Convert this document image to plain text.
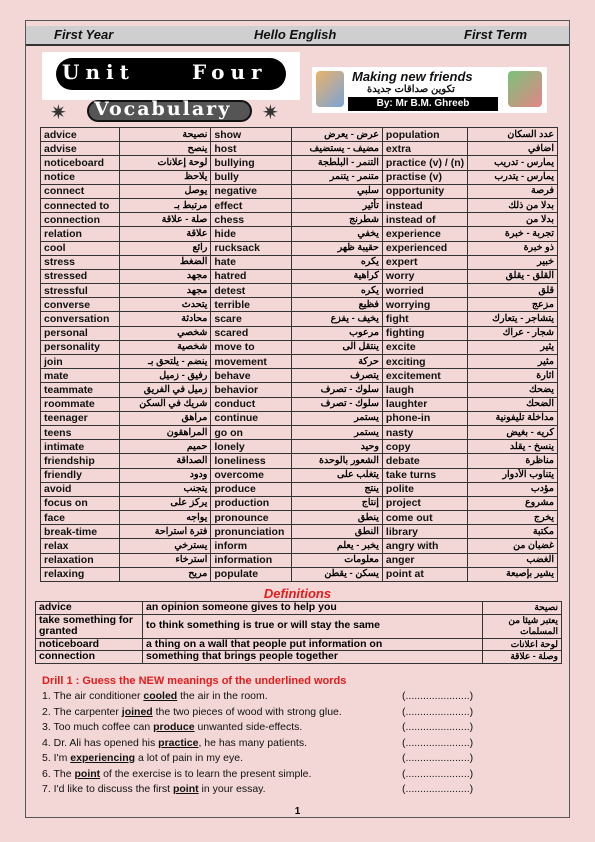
First Year	Hello English	First Term
Unit	Four
✷ Vocabulary ✷
Making new friends
تكوين صداقات جديدة
By: Mr B.M. Ghreeb
advice	نصيحة	show	عرض - يعرض	population	عدد السكان
advise	ينصح	host	مضيف - يستضيف	extra	اضافي
noticeboard	لوحة إعلانات	bullying	التنمر - البلطجة	practice (v) / (n)	يمارس - تدريب
notice	يلاحظ	bully	متنمر - يتنمر	practise (v)	يمارس - يتدرب
connect	يوصل	negative	سلبي	opportunity	فرصة
connected to	مرتبط بـ	effect	تأثير	instead	بدلا من ذلك
connection	صلة - علاقة	chess	شطرنج	instead of	بدلا من
relation	علاقة	hide	يخفي	experience	تجربة - خبرة
cool	رائع	rucksack	حقيبة ظهر	experienced	ذو خبرة
stress	الضغط	hate	يكره	expert	خبير
stressed	مجهد	hatred	كراهية	worry	القلق - يقلق
stressful	مجهد	detest	يكره	worried	قلق
converse	يتحدث	terrible	فظيع	worrying	مزعج
conversation	محادثة	scare	يخيف - يفزع	fight	يتشاجر - يتعارك
personal	شخصي	scared	مرعوب	fighting	شجار - عراك
personality	شخصية	move to	ينتقل الى	excite	يثير
join	ينضم - يلتحق بـ	movement	حركة	exciting	مثير
mate	رفيق - زميل	behave	يتصرف	excitement	اثارة
teammate	زميل في الفريق	behavior	سلوك - تصرف	laugh	يضحك
roommate	شريك في السكن	conduct	سلوك - تصرف	laughter	الضحك
teenager	مراهق	continue	يستمر	phone-in	مداخلة تليفونية
teens	المراهقون	go on	يستمر	nasty	كريه - بغيض
intimate	حميم	lonely	وحيد	copy	ينسخ - يقلد
friendship	الصداقة	loneliness	الشعور بالوحدة	debate	مناظرة
friendly	ودود	overcome	يتغلب على	take turns	يتناوب الأدوار
avoid	يتجنب	produce	ينتج	polite	مؤدب
focus on	يركز على	production	إنتاج	project	مشروع
face	يواجه	pronounce	ينطق	come out	يخرج
break-time	فترة استراحة	pronunciation	النطق	library	مكتبة
relax	يسترخي	inform	يخبر - يعلم	angry with	غضبان من
relaxation	استرخاء	information	معلومات	anger	الغضب
relaxing	مريح	populate	يسكن - يقطن	point at	يشير بإصبعة
Definitions
advice	an opinion someone gives to help you	نصيحة
take something for granted	to think something is true or will stay the same	يعتبر شيئا من المسلمات
noticeboard	a thing on a wall that people put information on	لوحة اعلانات
connection	something that brings people together	وصلة - علاقة
Drill 1 : Guess the NEW meanings of the underlined words
1. The air conditioner cooled the air in the room.	(......................)
2. The carpenter joined the two pieces of wood with strong glue.	(......................)
3. Too much coffee can produce unwanted side-effects.	(......................)
4. Dr. Ali has opened his practice, he has many patients.	(......................)
5. I'm experiencing a lot of pain in my eye.	(......................)
6. The point of the exercise is to learn the present simple.	(......................)
7. I'd like to discuss the first point in your essay.	(......................)
1
